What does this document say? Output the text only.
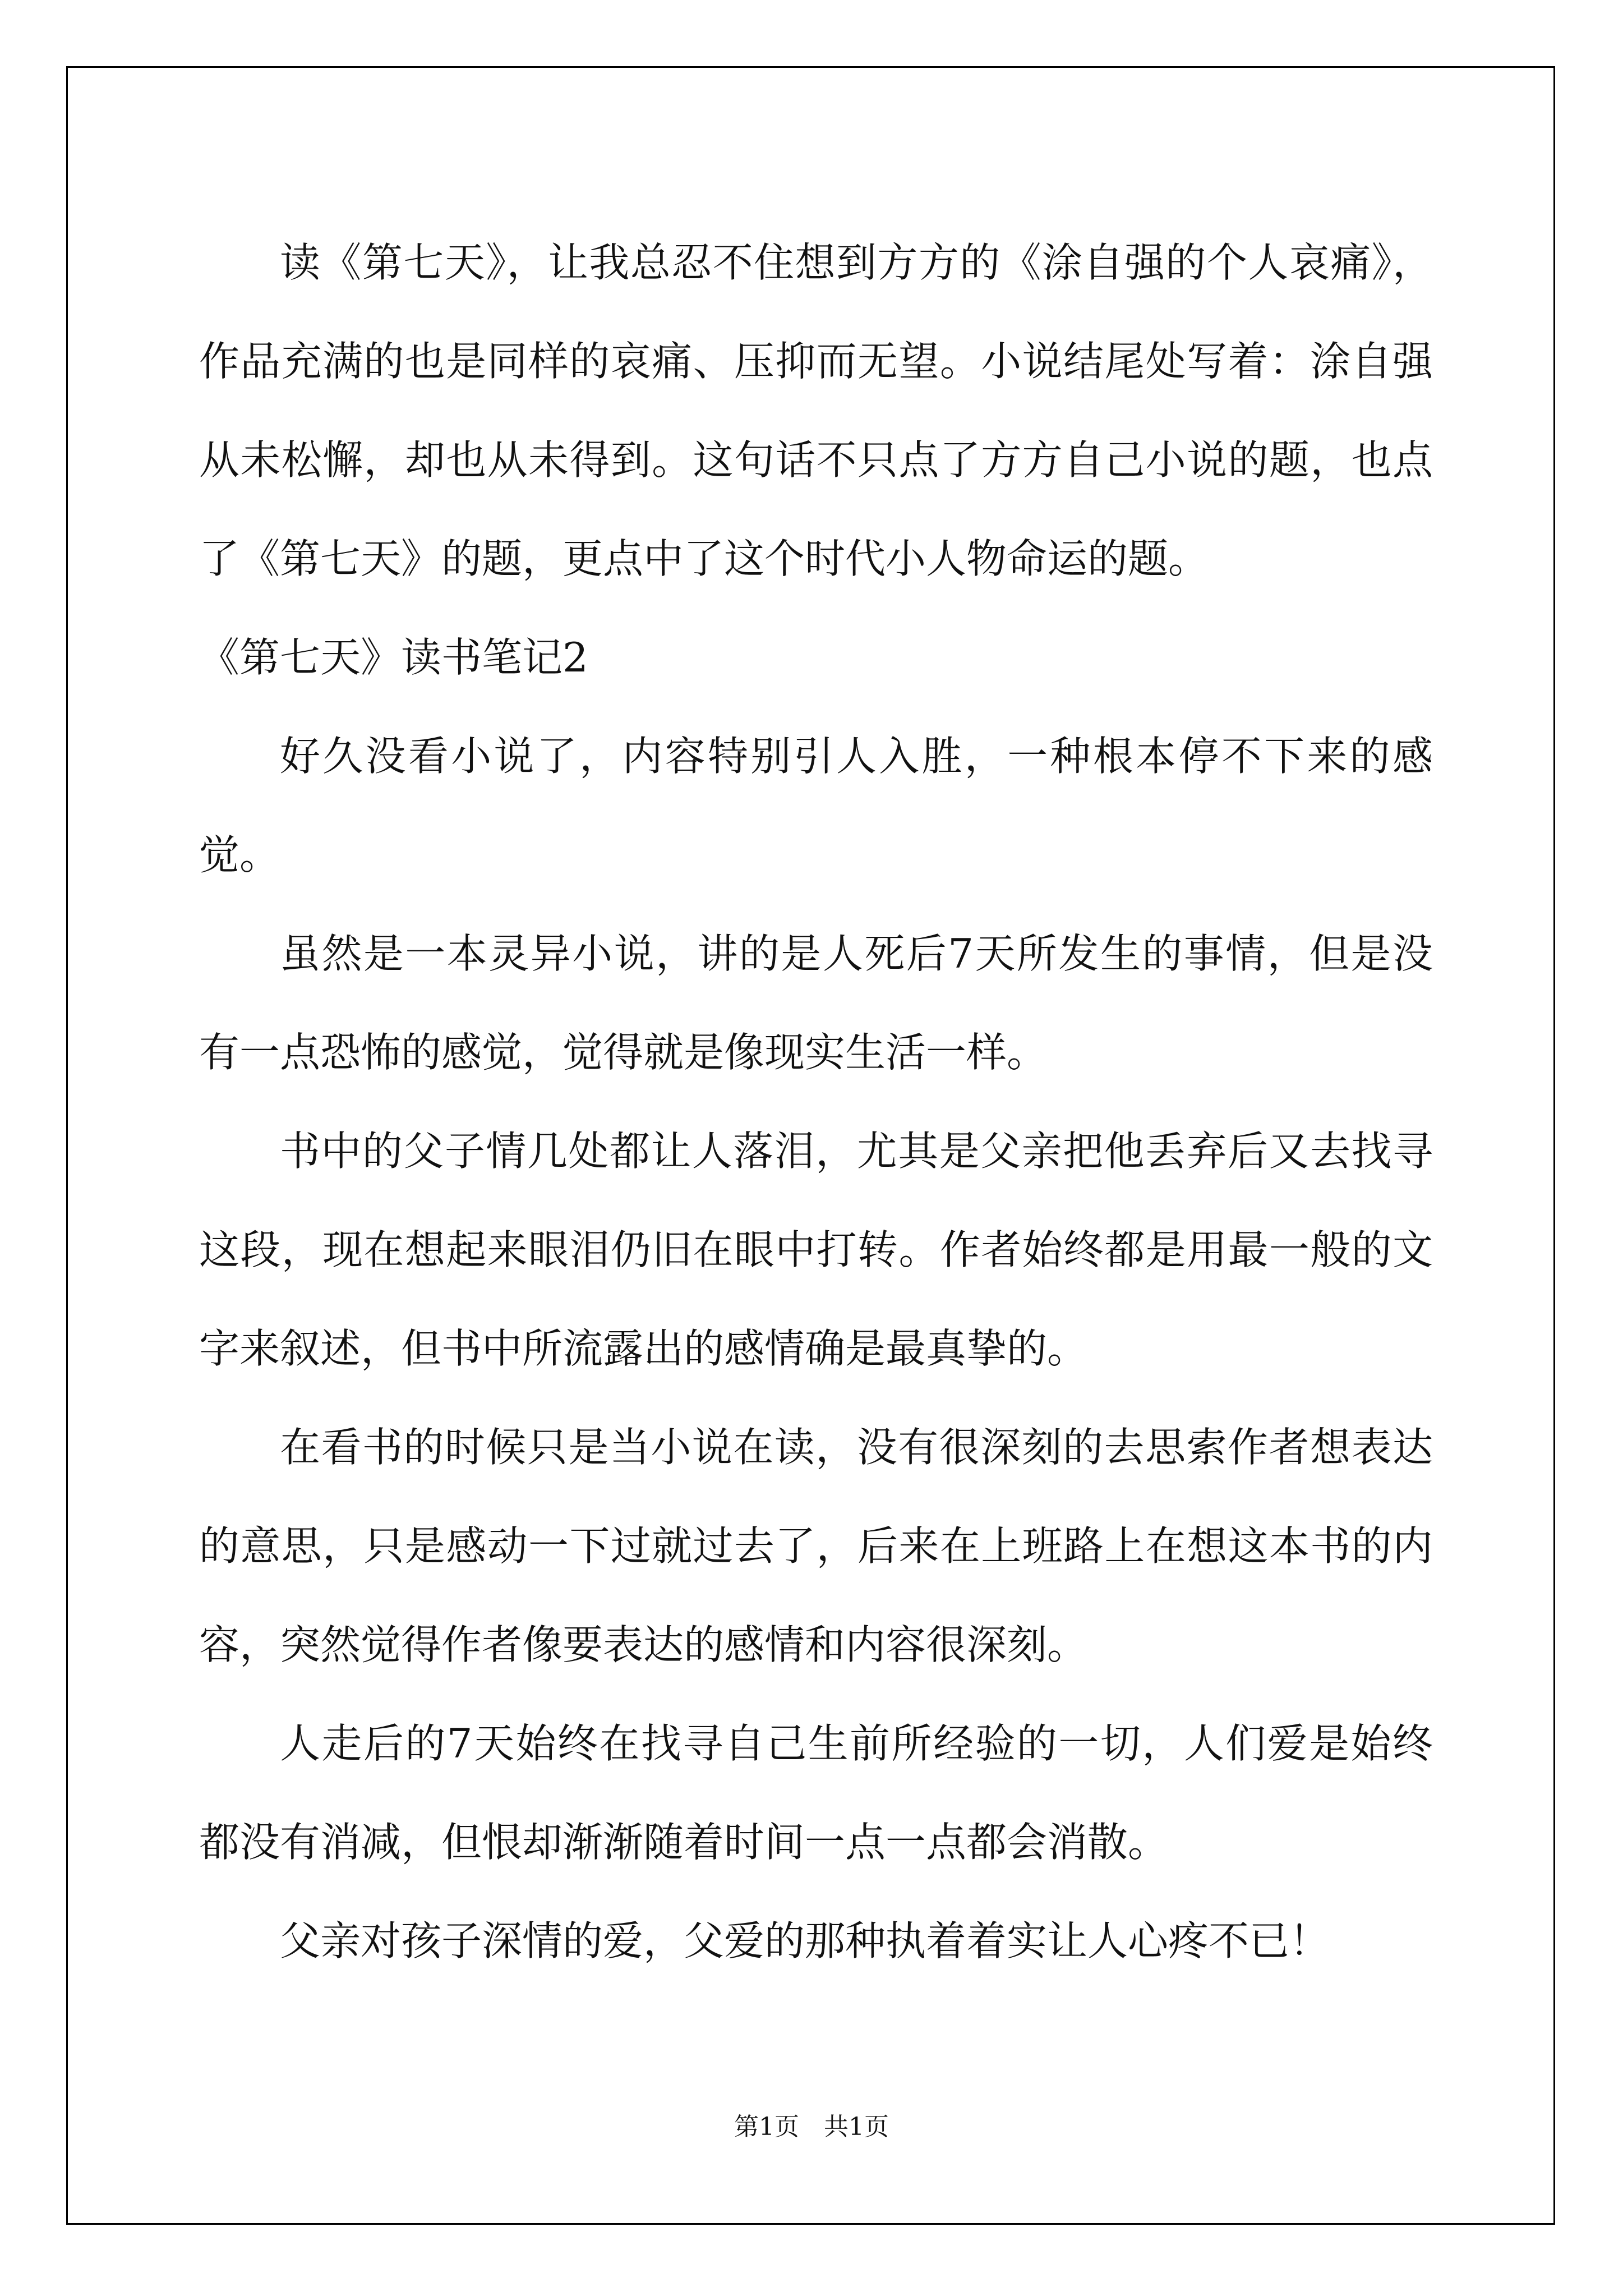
读《第七天》，让我总忍不住想到方方的《涂自强的个人哀痛》，作品充满的也是同样的哀痛、压抑而无望。小说结尾处写着：涂自强从未松懈，却也从未得到。这句话不只点了方方自己小说的题，也点了《第七天》的题，更点中了这个时代小人物命运的题。

《第七天》读书笔记2

好久没看小说了，内容特别引人入胜，一种根本停不下来的感觉。

虽然是一本灵异小说，讲的是人死后7天所发生的事情，但是没有一点恐怖的感觉，觉得就是像现实生活一样。

书中的父子情几处都让人落泪，尤其是父亲把他丢弃后又去找寻这段，现在想起来眼泪仍旧在眼中打转。作者始终都是用最一般的文字来叙述，但书中所流露出的感情确是最真挚的。

在看书的时候只是当小说在读，没有很深刻的去思索作者想表达的意思，只是感动一下过就过去了，后来在上班路上在想这本书的内容，突然觉得作者像要表达的感情和内容很深刻。

人走后的7天始终在找寻自己生前所经验的一切，人们爱是始终都没有消减，但恨却渐渐随着时间一点一点都会消散。

父亲对孩子深情的爱，父爱的那种执着着实让人心疼不已！

第1页　共1页
